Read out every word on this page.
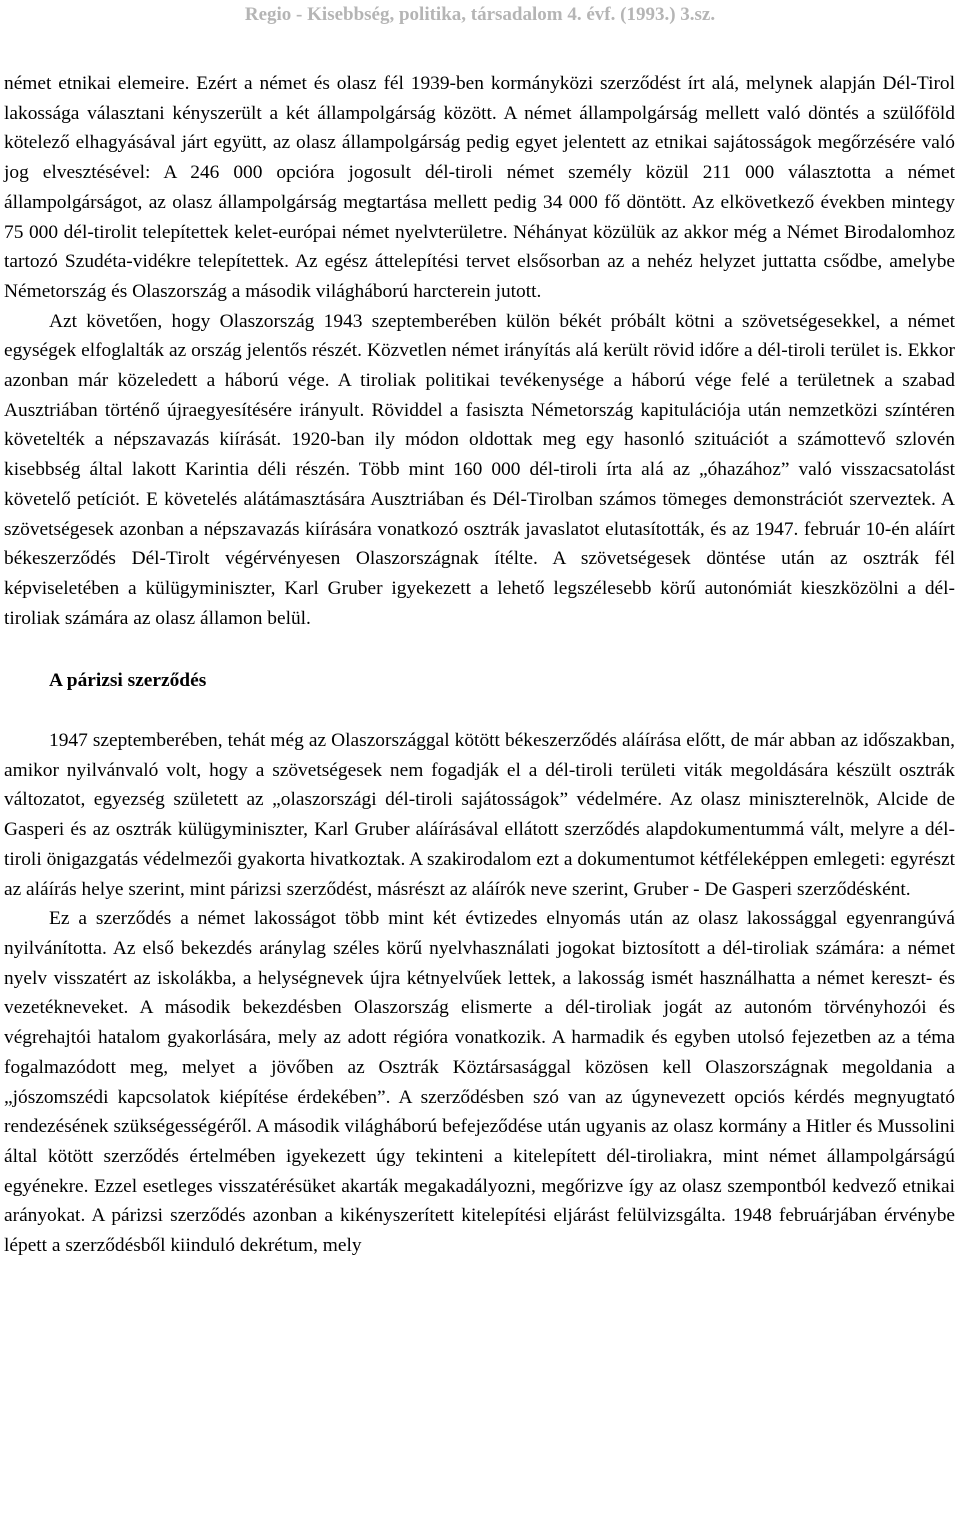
Regio - Kisebbség, politika, társadalom 4. évf. (1993.) 3.sz.

német etnikai elemeire. Ezért a német és olasz fél 1939-ben kormányközi szerződést írt alá, melynek alapján Dél-Tirol lakossága választani kényszerült a két állampolgárság között. A német állampolgárság mellett való döntés a szülőföld kötelező elhagyásával járt együtt, az olasz állampolgárság pedig egyet jelentett az etnikai sajátosságok megőrzésére való jog elvesztésével: A 246 000 opcióra jogosult dél-tiroli német személy közül 211 000 választotta a német állampolgárságot, az olasz állampolgárság megtartása mellett pedig 34 000 fő döntött. Az elkövetkező években mintegy 75 000 dél-tirolit telepítettek kelet-európai német nyelvterületre. Néhányat közülük az akkor még a Német Birodalomhoz tartozó Szudéta-vidékre telepítettek. Az egész áttelepítési tervet elsősorban az a nehéz helyzet juttatta csődbe, amelybe Németország és Olaszország a második világháború harcterein jutott.

Azt követően, hogy Olaszország 1943 szeptemberében külön békét próbált kötni a szövetségesekkel, a német egységek elfoglalták az ország jelentős részét. Közvetlen német irányítás alá került rövid időre a dél-tiroli terület is. Ekkor azonban már közeledett a háború vége. A tiroliak politikai tevékenysége a háború vége felé a területnek a szabad Ausztriában történő újraegyesítésére irányult. Röviddel a fasiszta Németország kapitulációja után nemzetközi színtéren követelték a népszavazás kiírását. 1920-ban ily módon oldottak meg egy hasonló szituációt a számottevő szlovén kisebbség által lakott Karintia déli részén. Több mint 160 000 dél-tiroli írta alá az „óhazához” való visszacsatolást követelő petíciót. E követelés alátámasztására Ausztriában és Dél-Tirolban számos tömeges demonstrációt szerveztek. A szövetségesek azonban a népszavazás kiírására vonatkozó osztrák javaslatot elutasították, és az 1947. február 10-én aláírt békeszerződés Dél-Tirolt végérvényesen Olaszországnak ítélte. A szövetségesek döntése után az osztrák fél képviseletében a külügyminiszter, Karl Gruber igyekezett a lehető legszélesebb körű autonómiát kieszközölni a dél-tiroliak számára az olasz államon belül.

A párizsi szerződés

1947 szeptemberében, tehát még az Olaszországgal kötött békeszerződés aláírása előtt, de már abban az időszakban, amikor nyilvánvaló volt, hogy a szövetségesek nem fogadják el a dél-tiroli területi viták megoldására készült osztrák változatot, egyezség született az „olaszországi dél-tiroli sajátosságok” védelmére. Az olasz miniszterelnök, Alcide de Gasperi és az osztrák külügyminiszter, Karl Gruber aláírásával ellátott szerződés alapdokumentummá vált, melyre a dél-tiroli önigazgatás védelmezői gyakorta hivatkoztak. A szakirodalom ezt a dokumentumot kétféleképpen emlegeti: egyrészt az aláírás helye szerint, mint párizsi szerződést, másrészt az aláírók neve szerint, Gruber - De Gasperi szerződésként.

Ez a szerződés a német lakosságot több mint két évtizedes elnyomás után az olasz lakossággal egyenrangúvá nyilvánította. Az első bekezdés aránylag széles körű nyelvhasználati jogokat biztosított a dél-tiroliak számára: a német nyelv visszatért az iskolákba, a helységnevek újra kétnyelvűek lettek, a lakosság ismét használhatta a német kereszt- és vezetékneveket. A második bekezdésben Olaszország elismerte a dél-tiroliak jogát az autonóm törvényhozói és végrehajtói hatalom gyakorlására, mely az adott régióra vonatkozik. A harmadik és egyben utolsó fejezetben az a téma fogalmazódott meg, melyet a jövőben az Osztrák Köztársasággal közösen kell Olaszországnak megoldania a „jószomszédi kapcsolatok kiépítése érdekében”. A szerződésben szó van az úgynevezett opciós kérdés megnyugtató rendezésének szükségességéről. A második világháború befejeződése után ugyanis az olasz kormány a Hitler és Mussolini által kötött szerződés értelmében igyekezett úgy tekinteni a kitelepített dél-tiroliakra, mint német állampolgárságú egyénekre. Ezzel esetleges visszatérésüket akarták megakadályozni, megőrizve így az olasz szempontból kedvező etnikai arányokat. A párizsi szerződés azonban a kikényszerített kitelepítési eljárást felülvizsgálta. 1948 februárjában érvénybe lépett a szerződésből kiinduló dekrétum, mely
